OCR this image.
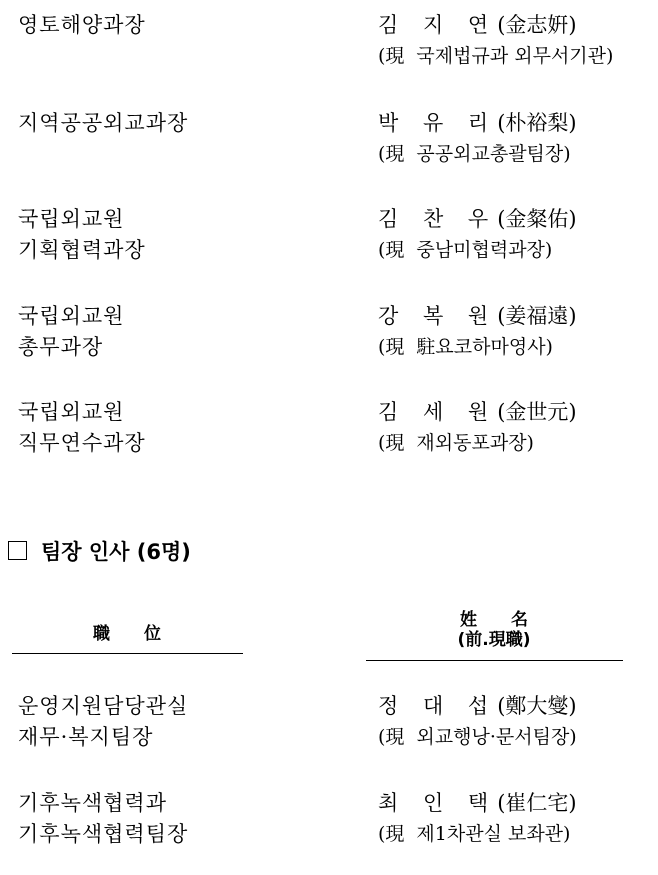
영토해양과장	김 지 연(金志姸)
(現 국제법규과 외무서기관)
지역공공외교과장	박 유 리(朴裕梨)
(現 공공외교총괄팀장)
국립외교원
기획협력과장
김 찬 우(金粲佑)
(現 중남미협력과장)
국립외교원
총무과장
강 복 원(姜福遠)
(現 駐요코하마영사)
국립외교원
직무연수과장
김 세 원(金世元)
(現 재외동포과장)
팀장 인사 (6명)
職　　位
姓　　名
(前.現職)
운영지원담당관실
재무·복지팀장
정 대 섭(鄭大燮)
(現 외교행낭·문서팀장)
기후녹색협력과
기후녹색협력팀장
최 인 택(崔仁宅)
(現 제1차관실 보좌관)
